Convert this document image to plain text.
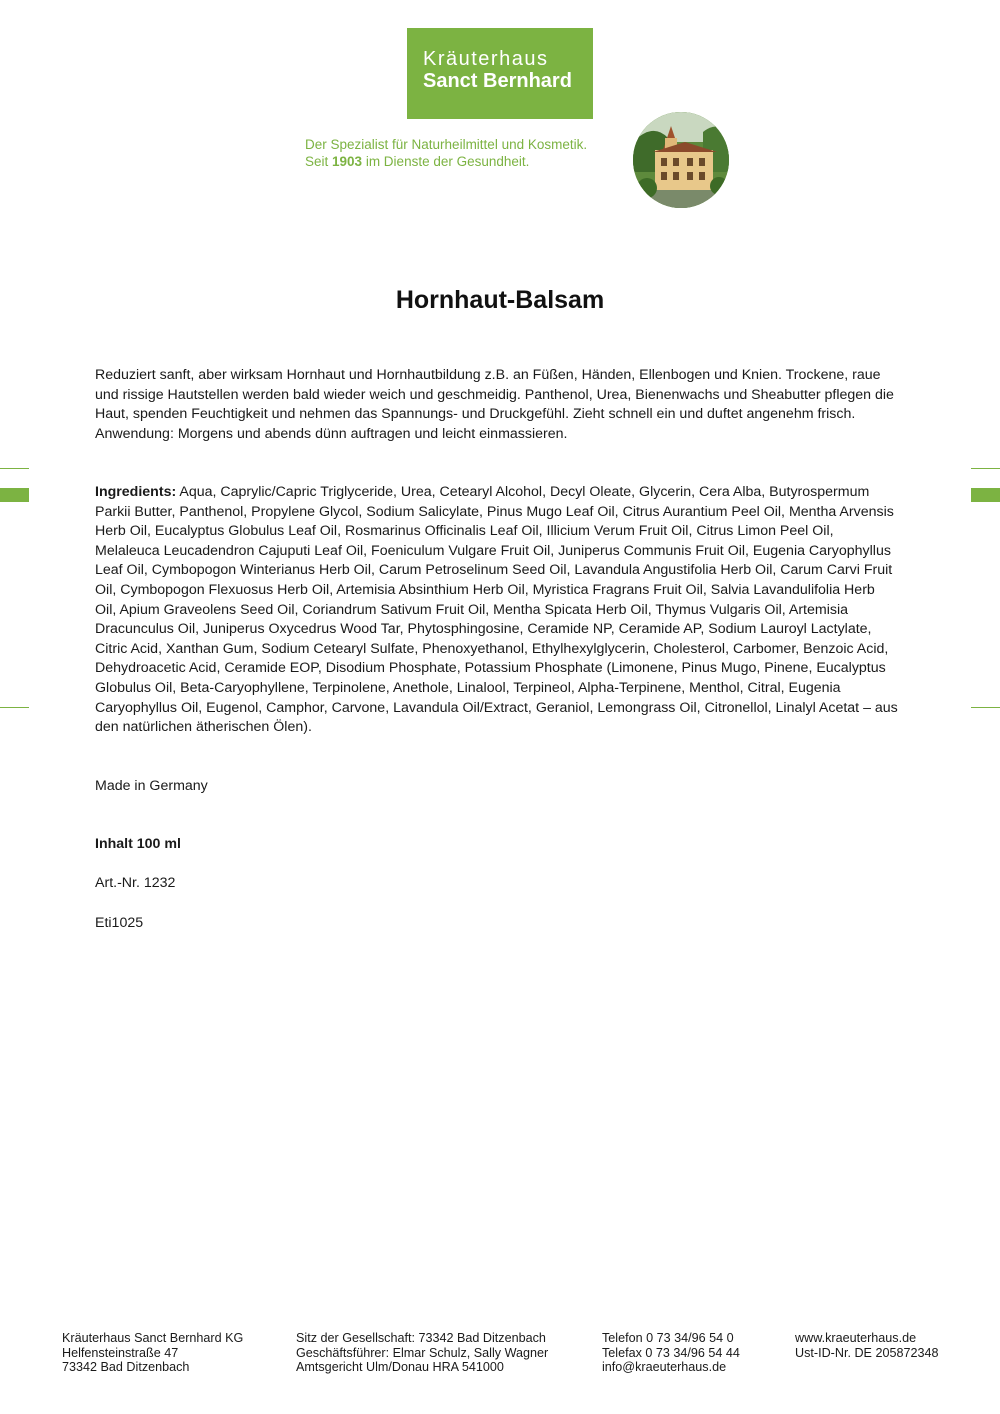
Kräuterhaus
Sanct Bernhard
Der Spezialist für Naturheilmittel und Kosmetik.
Seit 1903 im Dienste der Gesundheit.
Hornhaut-Balsam

Reduziert sanft, aber wirksam Hornhaut und Hornhautbildung z.B. an Füßen, Händen, Ellenbogen und Knien. Trockene, raue und rissige Hautstellen werden bald wieder weich und geschmeidig. Panthenol, Urea, Bienenwachs und Sheabutter pflegen die Haut, spenden Feuchtigkeit und nehmen das Spannungs- und Druckgefühl. Zieht schnell ein und duftet angenehm frisch. Anwendung: Morgens und abends dünn auftragen und leicht einmassieren.

Ingredients: Aqua, Caprylic/Capric Triglyceride, Urea, Cetearyl Alcohol, Decyl Oleate, Glycerin, Cera Alba, Butyrospermum Parkii Butter, Panthenol, Propylene Glycol, Sodium Salicylate, Pinus Mugo Leaf Oil, Citrus Aurantium Peel Oil, Mentha Arvensis Herb Oil, Eucalyptus Globulus Leaf Oil, Rosmarinus Officinalis Leaf Oil, Illicium Verum Fruit Oil, Citrus Limon Peel Oil, Melaleuca Leucadendron Cajuputi Leaf Oil, Foeniculum Vulgare Fruit Oil, Juniperus Communis Fruit Oil, Eugenia Caryophyllus Leaf Oil, Cymbopogon Winterianus Herb Oil, Carum Petroselinum Seed Oil, Lavandula Angustifolia Herb Oil, Carum Carvi Fruit Oil, Cymbopogon Flexuosus Herb Oil, Artemisia Absinthium Herb Oil, Myristica Fragrans Fruit Oil, Salvia Lavandulifolia Herb Oil, Apium Graveolens Seed Oil, Coriandrum Sativum Fruit Oil, Mentha Spicata Herb Oil, Thymus Vulgaris Oil, Artemisia Dracunculus Oil, Juniperus Oxycedrus Wood Tar, Phytosphingosine, Ceramide NP, Ceramide AP, Sodium Lauroyl Lactylate, Citric Acid, Xanthan Gum, Sodium Cetearyl Sulfate, Phenoxyethanol, Ethylhexylglycerin, Cholesterol, Carbomer, Benzoic Acid, Dehydroacetic Acid, Ceramide EOP, Disodium Phosphate, Potassium Phosphate (Limonene, Pinus Mugo, Pinene, Eucalyptus Globulus Oil, Beta-Caryophyllene, Terpinolene, Anethole, Linalool, Terpineol, Alpha-Terpinene, Menthol, Citral, Eugenia Caryophyllus Oil, Eugenol, Camphor, Carvone, Lavandula Oil/Extract, Geraniol, Lemongrass Oil, Citronellol, Linalyl Acetat – aus den natürlichen ätherischen Ölen).
Made in Germany
Inhalt 100 ml
Art.-Nr. 1232
Eti1025
Kräuterhaus Sanct Bernhard KG
Helfensteinstraße 47
73342 Bad Ditzenbach
Sitz der Gesellschaft: 73342 Bad Ditzenbach
Geschäftsführer: Elmar Schulz, Sally Wagner
Amtsgericht Ulm/Donau HRA 541000
Telefon 0 73 34/96 54 0
Telefax 0 73 34/96 54 44
info@kraeuterhaus.de
www.kraeuterhaus.de
Ust-ID-Nr. DE 205872348
